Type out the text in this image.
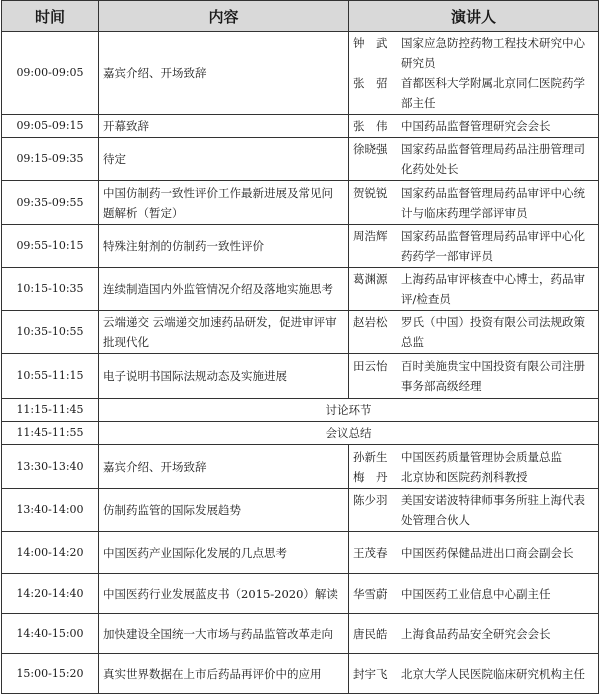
时间	内容	演讲人
09:00-09:05	嘉宾介绍、开场致辞	钟　武 国家应急防控药物工程技术研究中心研究员
张　弨 首都医科大学附属北京同仁医院药学部主任

09:05-09:15	开幕致辞	张　伟 中国药品监督管理研究会会长

09:15-09:35	待定	徐晓强 国家药品监督管理局药品注册管理司化药处处长

09:35-09:55	中国仿制药一致性评价工作最新进展及常见问题解析（暂定）	贺锐锐 国家药品监督管理局药品审评中心统计与临床药理学部评审员

09:55-10:15	特殊注射剂的仿制药一致性评价	周浩辉 国家药品监督管理局药品审评中心化药药学一部审评员

10:15-10:35	连续制造国内外监管情况介绍及落地实施思考	葛渊源 上海药品审评核查中心博士，药品审评/检查员

10:35-10:55	云端递交 云端递交加速药品研发，促进审评审批现代化	赵岩松 罗氏（中国）投资有限公司法规政策总监

10:55-11:15	电子说明书国际法规动态及实施进展	田云怡 百时美施贵宝中国投资有限公司注册事务部高级经理

11:15-11:45	讨论环节	
11:45-11:55	会议总结	
13:30-13:40	嘉宾介绍、开场致辞	孙新生 中国医药质量管理协会质量总监
梅　丹 北京协和医院药剂科教授

13:40-14:00	仿制药监管的国际发展趋势	陈少羽 美国安诺波特律师事务所驻上海代表处管理合伙人

14:00-14:20	中国医药产业国际化发展的几点思考	王茂春 中国医药保健品进出口商会副会长

14:20-14:40	中国医药行业发展蓝皮书（2015-2020）解读	华雪蔚 中国医药工业信息中心副主任

14:40-15:00	加快建设全国统一大市场与药品监管改革走向	唐民皓 上海食品药品安全研究会会长

15:00-15:20	真实世界数据在上市后药品再评价中的应用	封宇飞 北京大学人民医院临床研究机构主任
